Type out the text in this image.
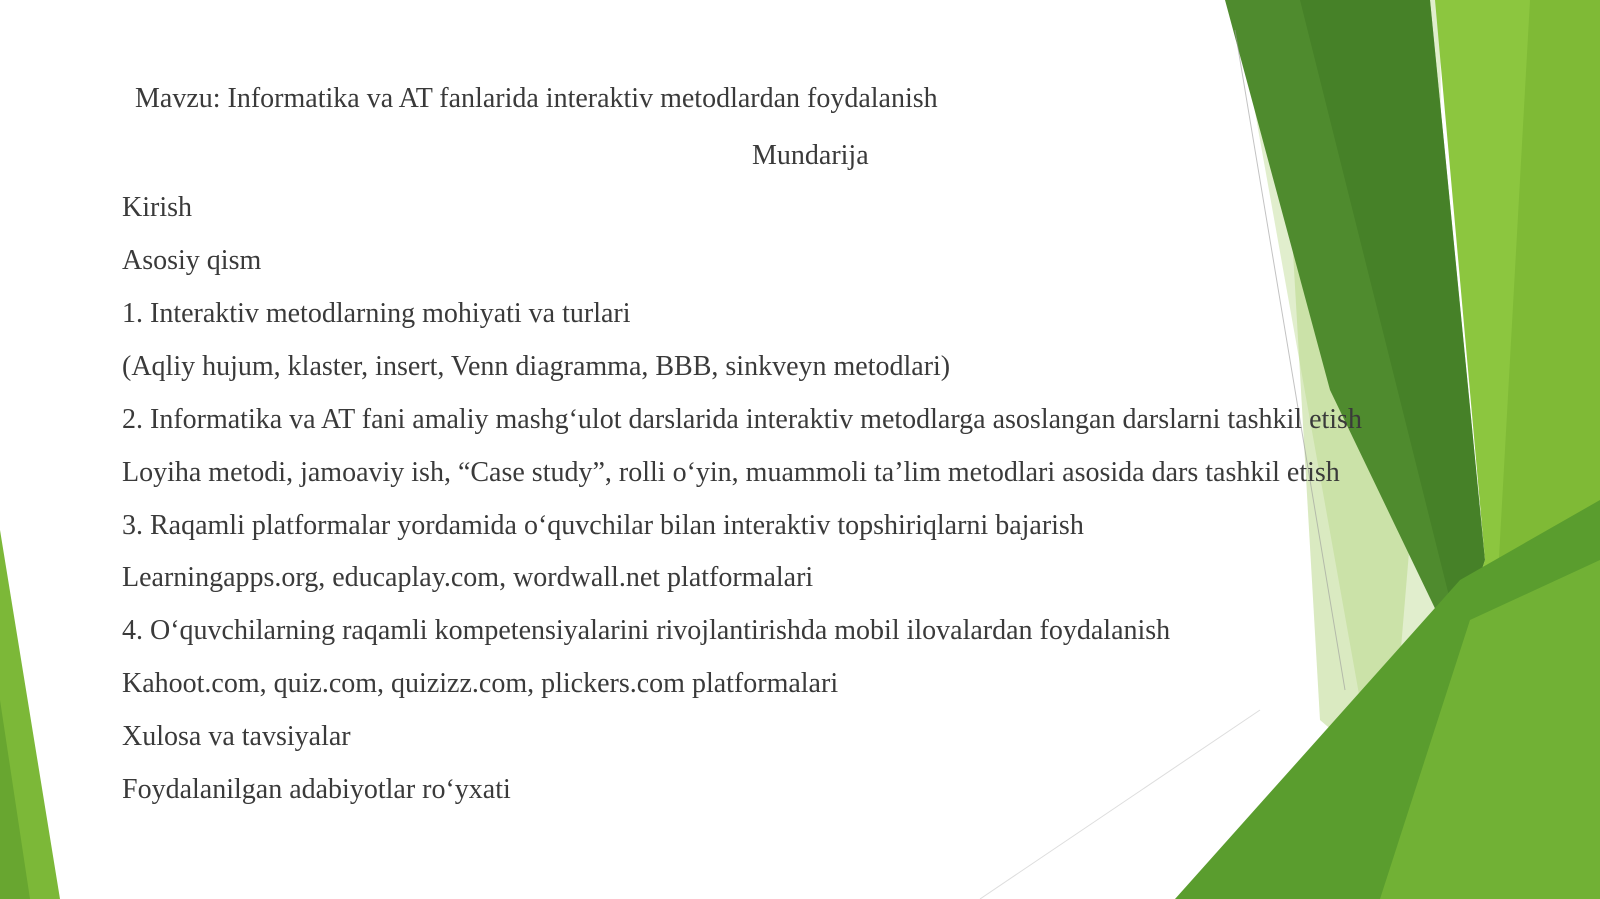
Mavzu: Informatika va AT fanlarida interaktiv metodlardan foydalanish
Mundarija
Kirish
Asosiy qism
1. Interaktiv metodlarning mohiyati va turlari
(Aqliy hujum, klaster, insert, Venn diagramma, BBB, sinkveyn metodlari)
2. Informatika va AT fani amaliy mashg‘ulot darslarida interaktiv metodlarga asoslangan darslarni tashkil etish
Loyiha metodi, jamoaviy ish, “Case study”, rolli o‘yin, muammoli ta’lim metodlari asosida dars tashkil etish
3. Raqamli platformalar yordamida o‘quvchilar bilan interaktiv topshiriqlarni bajarish
Learningapps.org, educaplay.com, wordwall.net platformalari
4. O‘quvchilarning raqamli kompetensiyalarini rivojlantirishda mobil ilovalardan foydalanish
Kahoot.com, quiz.com, quizizz.com, plickers.com platformalari
Xulosa va tavsiyalar
Foydalanilgan adabiyotlar ro‘yxati
